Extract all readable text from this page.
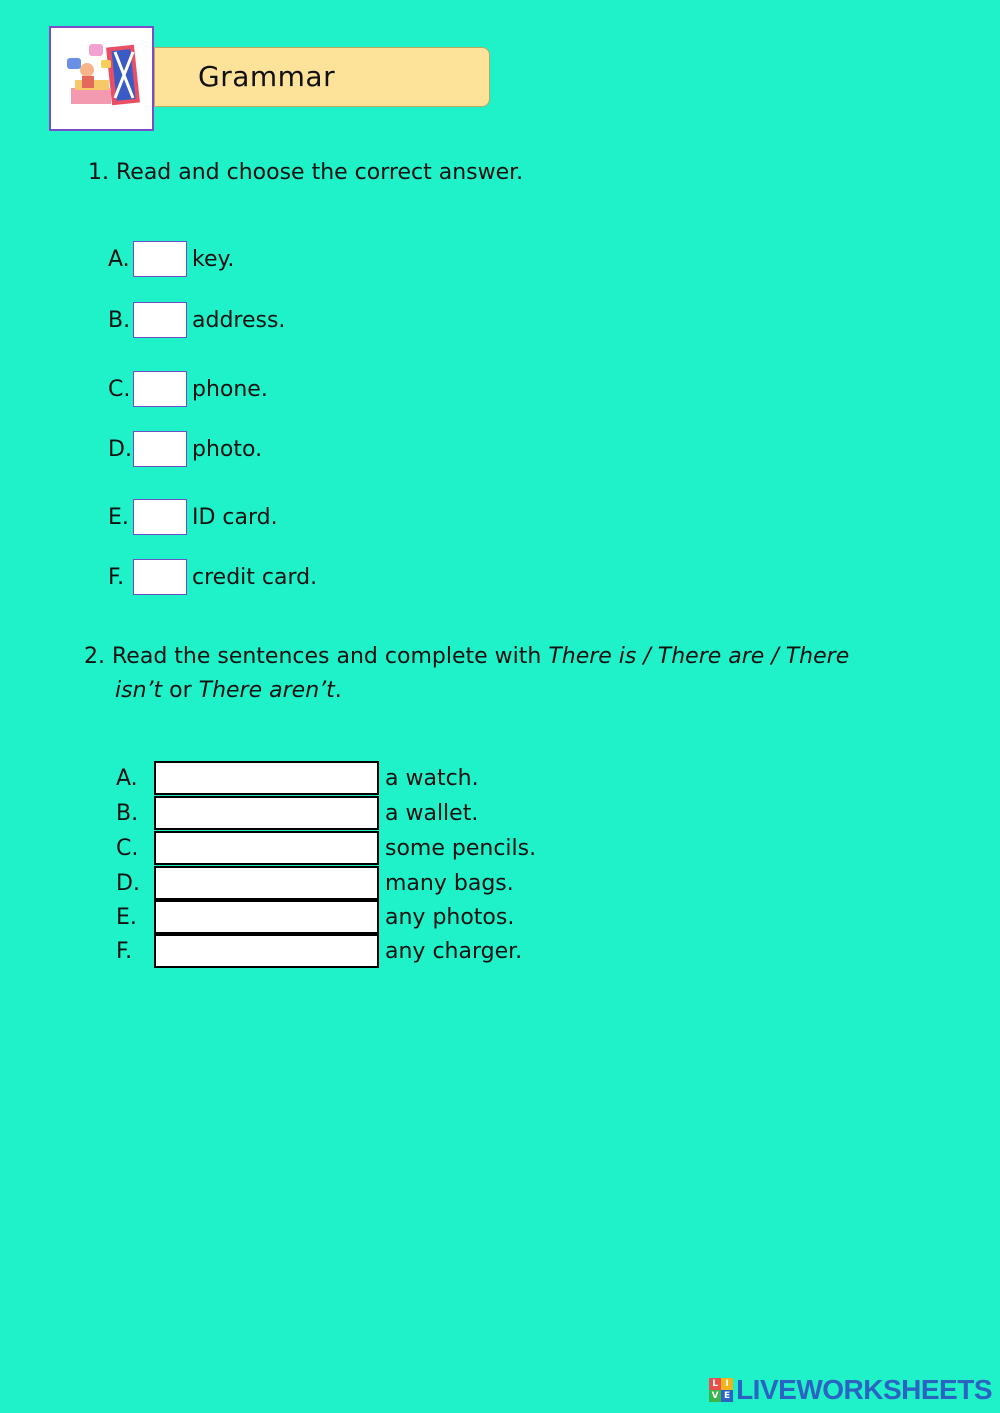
Grammar
1. Read and choose the correct answer.
A.	key.
B.	address.
C.	phone.
D.	photo.
E.	ID card.
F.	credit card.
2. Read the sentences and complete with There is / There are / There
isn’t or There aren’t.
A.	a watch.
B.	a wallet.
C.	some pencils.
D.	many bags.
E.	any photos.
F.	any charger.
L I
V E LIVEWORKSHEETS
